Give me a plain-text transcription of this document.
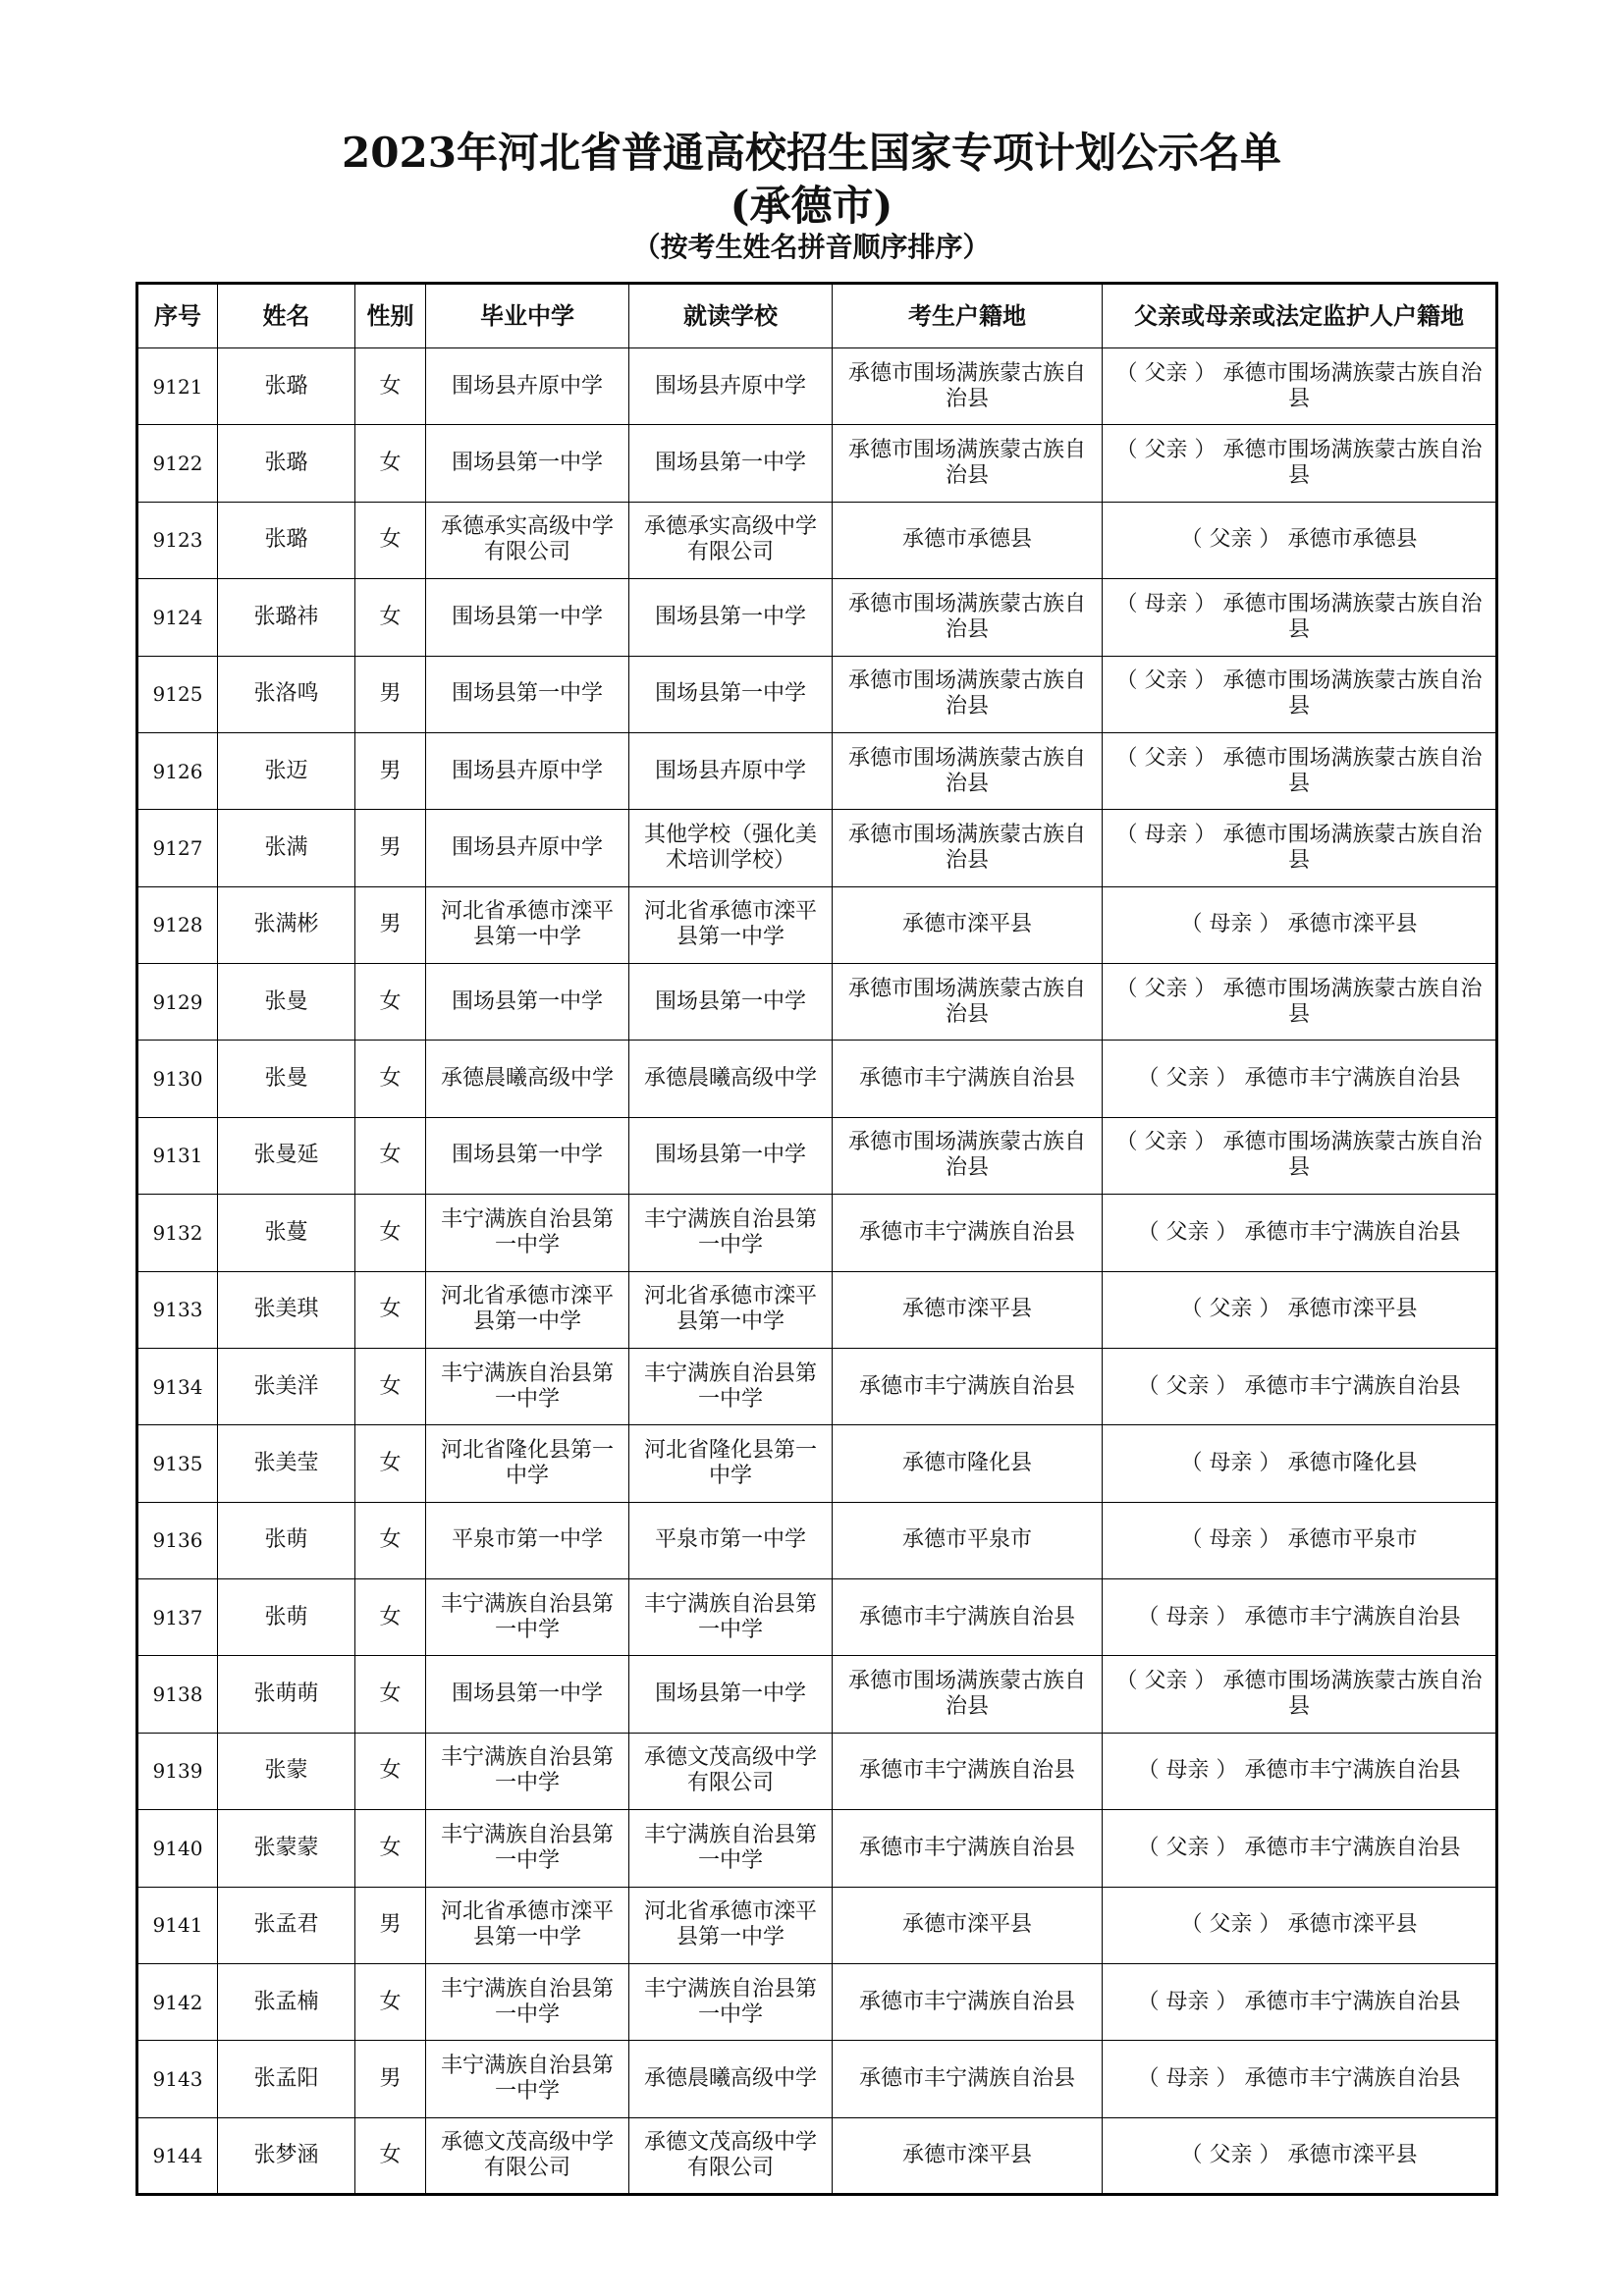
2023年河北省普通高校招生国家专项计划公示名单
(承德市)
（按考生姓名拼音顺序排序）
序号	姓名	性别	毕业中学	就读学校	考生户籍地	父亲或母亲或法定监护人户籍地
9121	张璐	女	围场县卉原中学	围场县卉原中学	承德市围场满族蒙古族自治县	（ 父亲 ） 承德市围场满族蒙古族自治县
9122	张璐	女	围场县第一中学	围场县第一中学	承德市围场满族蒙古族自治县	（ 父亲 ） 承德市围场满族蒙古族自治县
9123	张璐	女	承德承实高级中学有限公司	承德承实高级中学有限公司	承德市承德县	（ 父亲 ） 承德市承德县
9124	张璐祎	女	围场县第一中学	围场县第一中学	承德市围场满族蒙古族自治县	（ 母亲 ） 承德市围场满族蒙古族自治县
9125	张洛鸣	男	围场县第一中学	围场县第一中学	承德市围场满族蒙古族自治县	（ 父亲 ） 承德市围场满族蒙古族自治县
9126	张迈	男	围场县卉原中学	围场县卉原中学	承德市围场满族蒙古族自治县	（ 父亲 ） 承德市围场满族蒙古族自治县
9127	张满	男	围场县卉原中学	其他学校（强化美术培训学校）	承德市围场满族蒙古族自治县	（ 母亲 ） 承德市围场满族蒙古族自治县
9128	张满彬	男	河北省承德市滦平县第一中学	河北省承德市滦平县第一中学	承德市滦平县	（ 母亲 ） 承德市滦平县
9129	张曼	女	围场县第一中学	围场县第一中学	承德市围场满族蒙古族自治县	（ 父亲 ） 承德市围场满族蒙古族自治县
9130	张曼	女	承德晨曦高级中学	承德晨曦高级中学	承德市丰宁满族自治县	（ 父亲 ） 承德市丰宁满族自治县
9131	张曼延	女	围场县第一中学	围场县第一中学	承德市围场满族蒙古族自治县	（ 父亲 ） 承德市围场满族蒙古族自治县
9132	张蔓	女	丰宁满族自治县第一中学	丰宁满族自治县第一中学	承德市丰宁满族自治县	（ 父亲 ） 承德市丰宁满族自治县
9133	张美琪	女	河北省承德市滦平县第一中学	河北省承德市滦平县第一中学	承德市滦平县	（ 父亲 ） 承德市滦平县
9134	张美洋	女	丰宁满族自治县第一中学	丰宁满族自治县第一中学	承德市丰宁满族自治县	（ 父亲 ） 承德市丰宁满族自治县
9135	张美莹	女	河北省隆化县第一中学	河北省隆化县第一中学	承德市隆化县	（ 母亲 ） 承德市隆化县
9136	张萌	女	平泉市第一中学	平泉市第一中学	承德市平泉市	（ 母亲 ） 承德市平泉市
9137	张萌	女	丰宁满族自治县第一中学	丰宁满族自治县第一中学	承德市丰宁满族自治县	（ 母亲 ） 承德市丰宁满族自治县
9138	张萌萌	女	围场县第一中学	围场县第一中学	承德市围场满族蒙古族自治县	（ 父亲 ） 承德市围场满族蒙古族自治县
9139	张蒙	女	丰宁满族自治县第一中学	承德文茂高级中学有限公司	承德市丰宁满族自治县	（ 母亲 ） 承德市丰宁满族自治县
9140	张蒙蒙	女	丰宁满族自治县第一中学	丰宁满族自治县第一中学	承德市丰宁满族自治县	（ 父亲 ） 承德市丰宁满族自治县
9141	张孟君	男	河北省承德市滦平县第一中学	河北省承德市滦平县第一中学	承德市滦平县	（ 父亲 ） 承德市滦平县
9142	张孟楠	女	丰宁满族自治县第一中学	丰宁满族自治县第一中学	承德市丰宁满族自治县	（ 母亲 ） 承德市丰宁满族自治县
9143	张孟阳	男	丰宁满族自治县第一中学	承德晨曦高级中学	承德市丰宁满族自治县	（ 母亲 ） 承德市丰宁满族自治县
9144	张梦涵	女	承德文茂高级中学有限公司	承德文茂高级中学有限公司	承德市滦平县	（ 父亲 ） 承德市滦平县
